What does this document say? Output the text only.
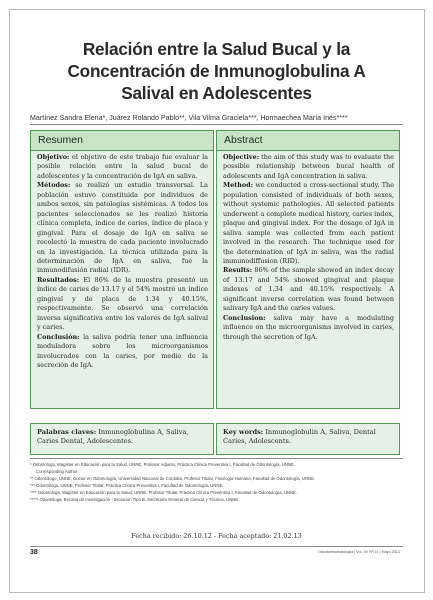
Relación entre la Salud Bucal y la
Concentración de Inmunoglobulina A
Salival en Adolescentes
Martínez Sandra Elena*, Juárez Rolando Pablo**, Vila Vilma Graciela***, Hormaechea María Inés****
Resumen

Objetivo: el objetivo de este trabajo fue evaluar la posible relación entre la salud bucal de adolescentes y la concentración de IgA en saliva.

Métodos: se realizó un estudio transversal. La población estuvo constituida por individuos de ambos sexos, sin patologías sistémicas. A todos los pacientes seleccionados se les realizó historia clínica completa, índice de caries, índice de placa y gingival. Para el dosaje de IgA en saliva se recolectó la muestra de cada paciente involucrado en la investigación. La técnica utilizada para la determinación de IgA en saliva, fue la inmunodifusión radial (IDR).

Resultados: El 86% de la muestra presentó un índice de caries de 13.17 y el 54% mostró un índice gingival y de placa de 1.34 y 40.15%, respectivamente. Se observó una correlación inversa significativa entre los valores de IgA salival y caries.

Conclusión: la saliva podría tener una influencia moduladora sobre los microorganismos involucrados con la caries, por medio de la secreción de IgA.

Abstract

Objective: the aim of this study was to evaluate the possible relationship between bucal health of adolescents and IgA concentration in saliva.

Method: we conducted a cross-sectional study. The population consisted of individuals of both sexes, without systemic pathologies. All selected patients underwent a complete medical history, caries index, plaque and gingival index. For the dosage of IgA in saliva sample was collected from each patient involved in the research. The technique used for the determination of IgA in saliva, was the radial immunodiffusion (RID).

Results: 86% of the sample showed an index decay of 13.17 and 54% showed gingival and plaque indexes of 1.34 and 40.15% respectively. A significant inverse correlation was found between salivary IgA and the caries values.

Conclusion: saliva may have a modulating influence on the microorganisms involved in caries, through the secretion of IgA.

Palabras claves: Inmunoglobulina A, Saliva, Caries Dental, Adolescentes.
Key words: Inmunoglobulin A, Saliva, Dental Caries, Adolescents.
* Odontóloga, Magíster en Educación para la Salud, UNNE, Profesor Adjunto, Práctica Clínica Preventiva I, Facultad de Odontología, UNNE.
Corresponding Author.
** Odontólogo, UNNE, Doctor en Odontología, Universidad Nacional de Córdoba. Profesor Titular, Fisiología Humana, Facultad de Odontología, UNNE.
*** Odontóloga, UNNE, Profesor Titular, Práctica Clínica Preventiva I, Facultad de Odontología, UNNE.
**** Odontóloga, Magíster en Educación para la Salud, UNNE. Profesor Titular, Práctica Clínica Preventiva I, Facultad de Odontología, UNNE.
***** Odontóloga, Becaria de Investigación - Iniciación Tipo B. Secretaría General de Ciencia y Técnica, UNNE.
Fecha recibido: 26.10.12 - Fecha aceptado: 21.02.13
38	Odontoestomatología | Vol. XV Nº 21 | Mayo 2013
